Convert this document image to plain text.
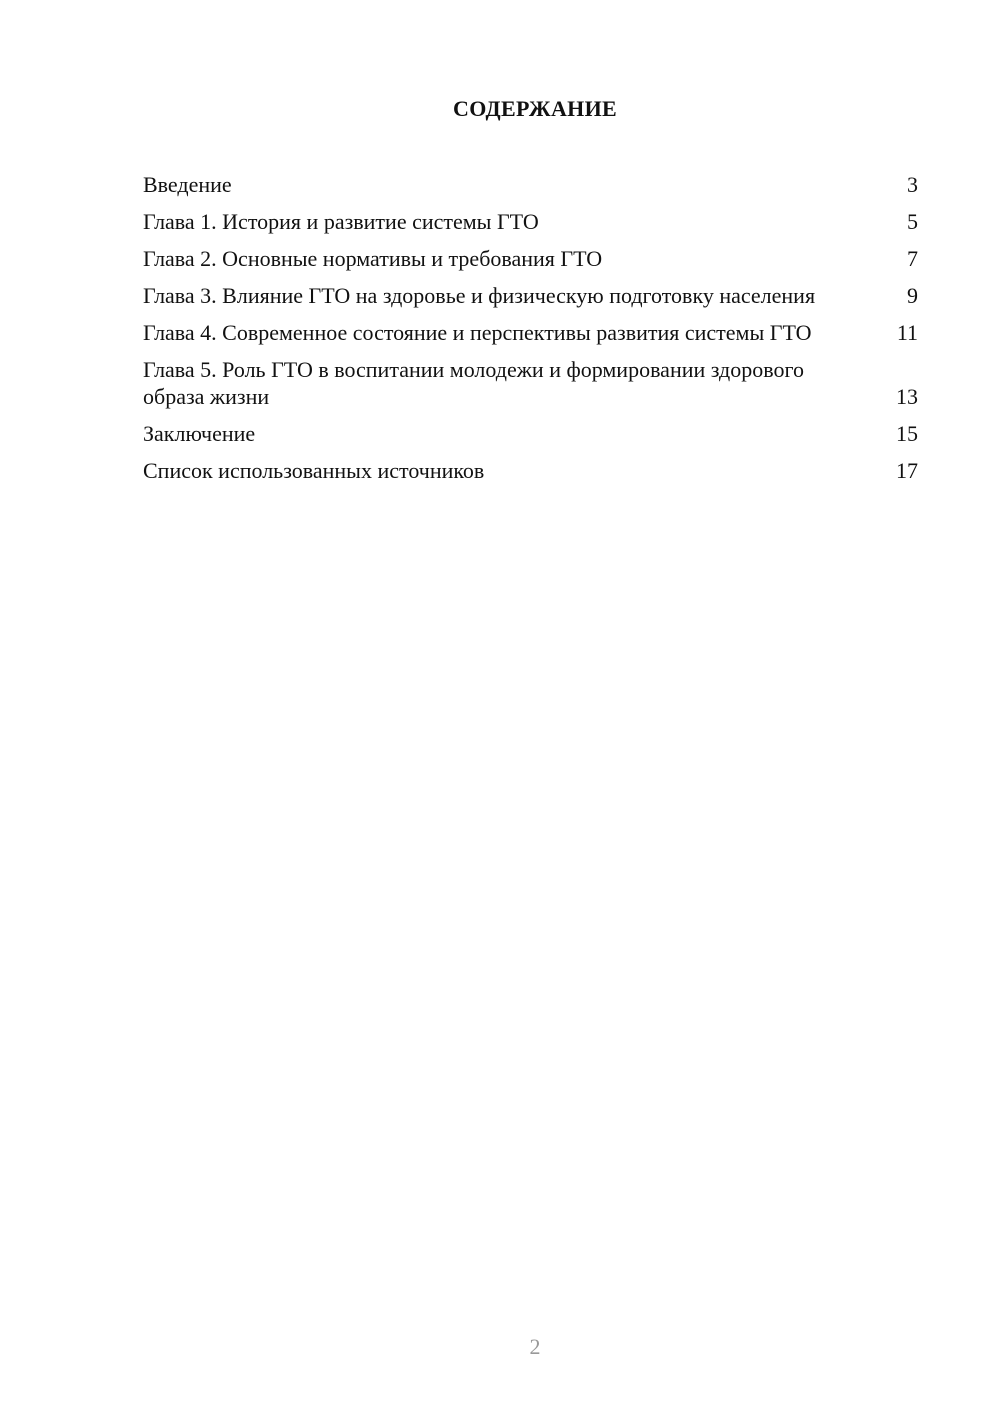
СОДЕРЖАНИЕ
Введение	3
Глава 1. История и развитие системы ГТО	5
Глава 2. Основные нормативы и требования ГТО	7
Глава 3. Влияние ГТО на здоровье и физическую подготовку населения	9
Глава 4. Современное состояние и перспективы развития системы ГТО	11
Глава 5. Роль ГТО в воспитании молодежи и формировании здорового образа жизни	13
Заключение	15
Список использованных источников	17
2
